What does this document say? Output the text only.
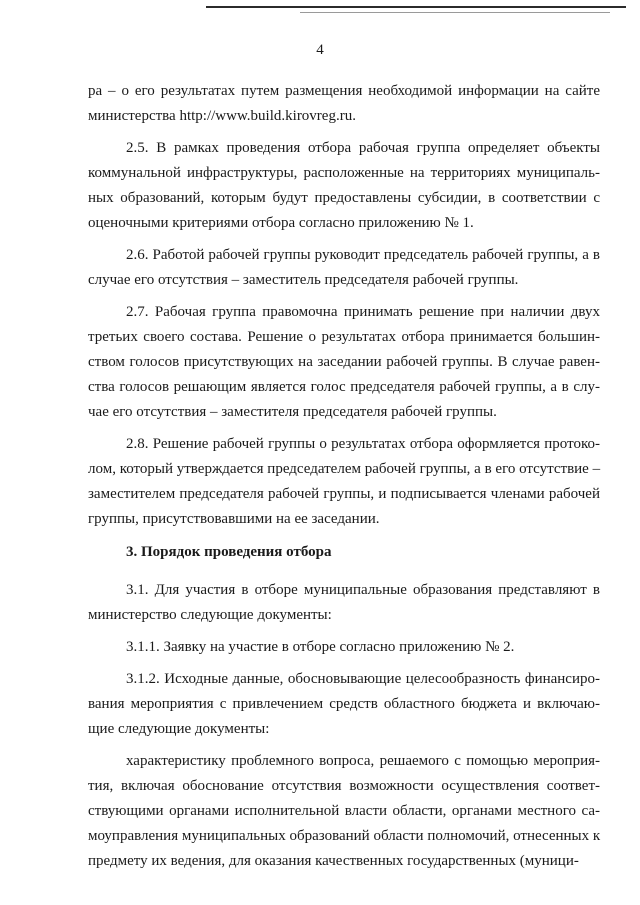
4
ра – о его результатах путем размещения необходимой информации на сайте
министерства http://www.build.kirovreg.ru.
2.5. В рамках проведения отбора рабочая группа определяет объекты
коммунальной инфраструктуры, расположенные на территориях муниципаль-
ных образований, которым будут предоставлены субсидии, в соответствии с
оценочными критериями отбора согласно приложению № 1.
2.6. Работой рабочей группы руководит председатель рабочей группы, а в
случае его отсутствия – заместитель председателя рабочей группы.
2.7. Рабочая группа правомочна принимать решение при наличии двух
третьих своего состава. Решение о результатах отбора принимается большин-
ством голосов присутствующих на заседании рабочей группы. В случае равен-
ства голосов решающим является голос председателя рабочей группы, а в слу-
чае его отсутствия – заместителя председателя рабочей группы.
2.8. Решение рабочей группы о результатах отбора оформляется протоко-
лом, который утверждается председателем рабочей группы, а в его отсутствие –
заместителем председателя рабочей группы, и подписывается членами рабочей
группы, присутствовавшими на ее заседании.
3. Порядок проведения отбора
3.1. Для участия в отборе муниципальные образования представляют в
министерство следующие документы:
3.1.1. Заявку на участие в отборе согласно приложению № 2.
3.1.2. Исходные данные, обосновывающие целесообразность финансиро-
вания мероприятия с привлечением средств областного бюджета и включаю-
щие следующие документы:
характеристику проблемного вопроса, решаемого с помощью мероприя-
тия, включая обоснование отсутствия возможности осуществления соответ-
ствующими органами исполнительной власти области, органами местного са-
моуправления муниципальных образований области полномочий, отнесенных к
предмету их ведения, для оказания качественных государственных (муници-
